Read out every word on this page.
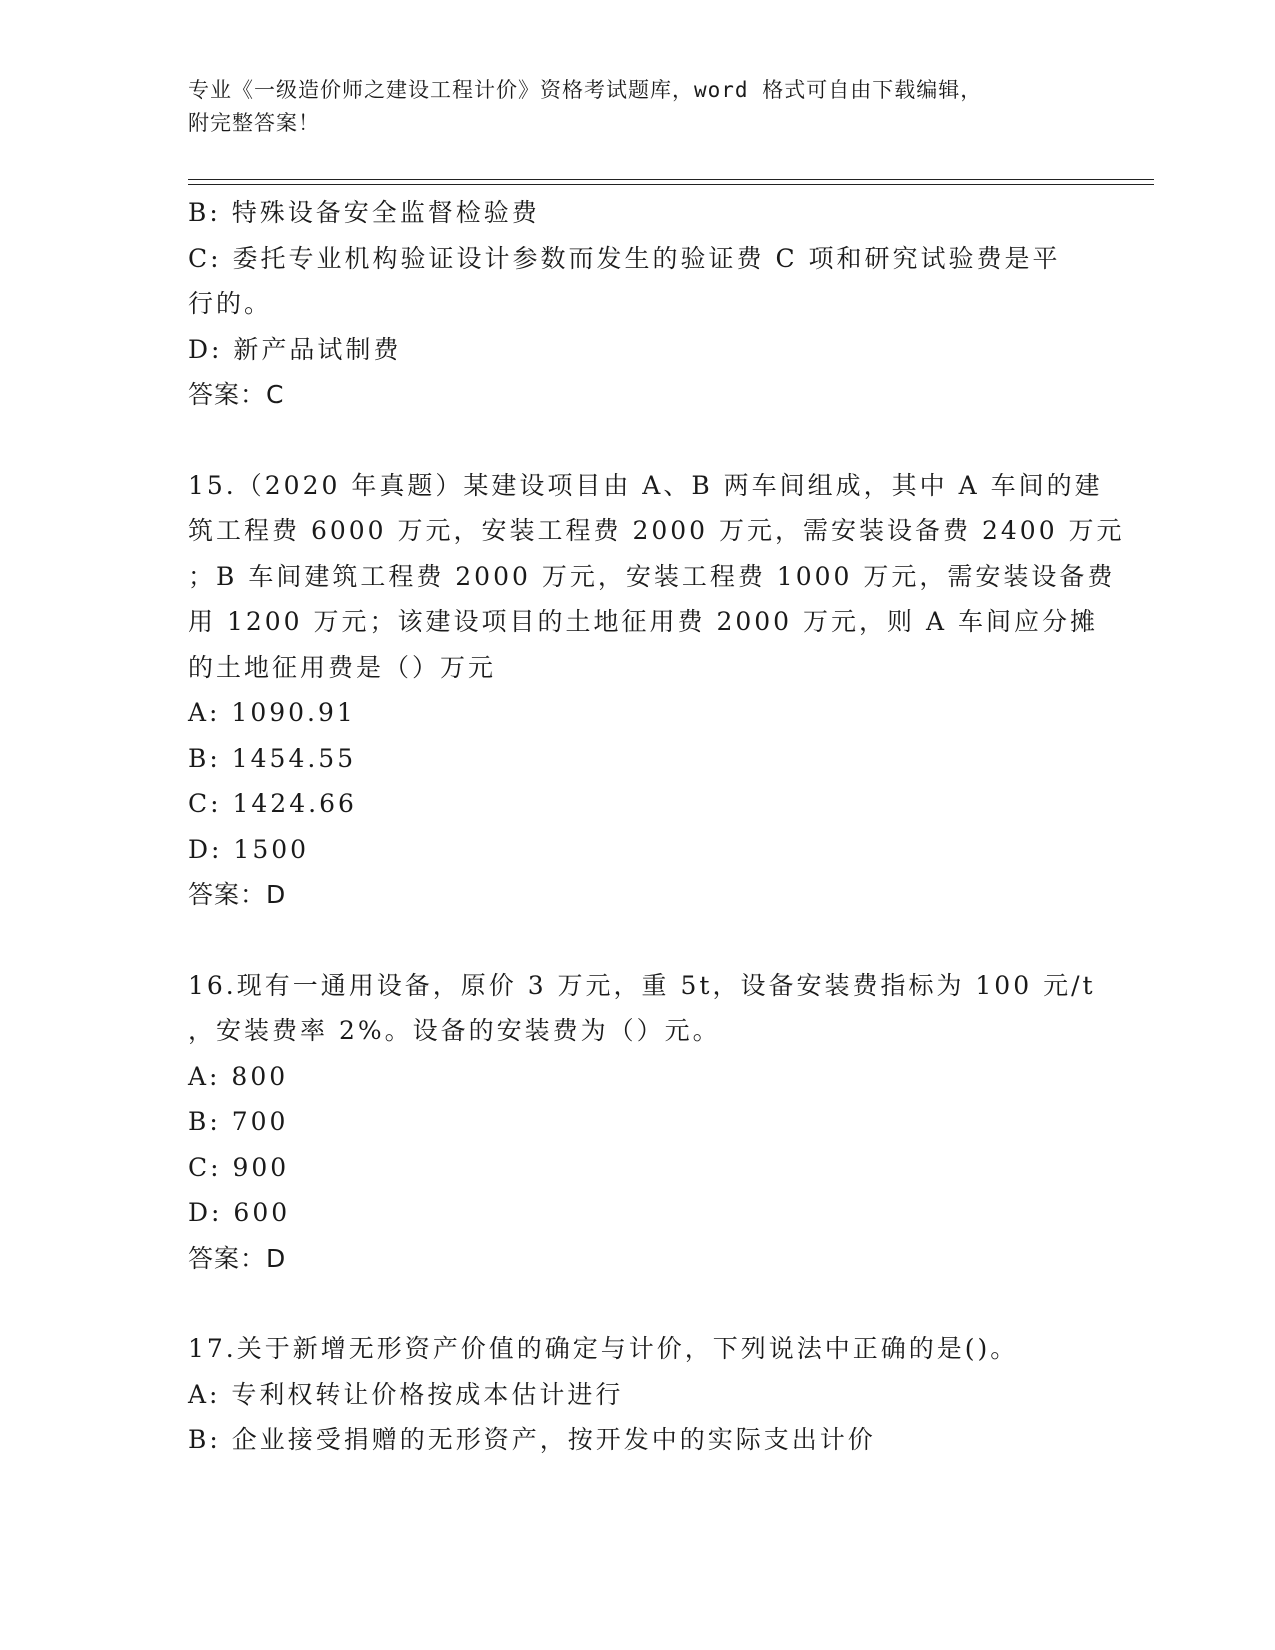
专业《一级造价师之建设工程计价》资格考试题库，word 格式可自由下载编辑，
附完整答案！
B: 特殊设备安全监督检验费
C: 委托专业机构验证设计参数而发生的验证费 C 项和研究试验费是平
行的。
D: 新产品试制费
答案：C
15.（2020 年真题）某建设项目由 A、B 两车间组成，其中 A 车间的建
筑工程费 6000 万元，安装工程费 2000 万元，需安装设备费 2400 万元
；B 车间建筑工程费 2000 万元，安装工程费 1000 万元，需安装设备费
用 1200 万元；该建设项目的土地征用费 2000 万元，则 A 车间应分摊
的土地征用费是（）万元
A: 1090.91
B: 1454.55
C: 1424.66
D: 1500
答案：D
16.现有一通用设备，原价 3 万元，重 5t，设备安装费指标为 100 元/t
，安装费率 2%。设备的安装费为（）元。
A: 800
B: 700
C: 900
D: 600
答案：D
17.关于新增无形资产价值的确定与计价，下列说法中正确的是()。
A: 专利权转让价格按成本估计进行
B: 企业接受捐赠的无形资产，按开发中的实际支出计价
